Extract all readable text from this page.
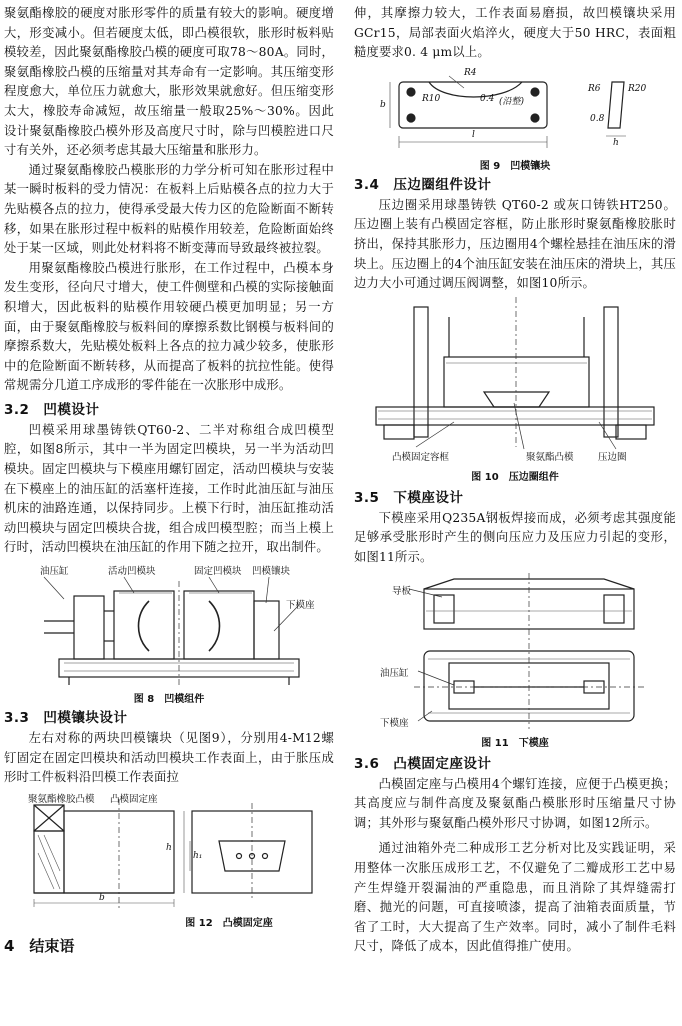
聚氨酯橡胶的硬度对胀形零件的质量有较大的影响。硬度增大，形变减小。但若硬度太低，即凸模很软，胀形时板料贴模较差，因此聚氨酯橡胶凸模的硬度可取78～80A。同时，聚氨酯橡胶凸模的压缩量对其寿命有一定影响。其压缩变形程度愈大，单位压力就愈大，胀形效果就愈好。但压缩变形太大，橡胶寿命减短，故压缩量一般取25%～30%。因此设计聚氨酯橡胶凸模外形及高度尺寸时，除与凹模腔进口尺寸有关外，还必须考虑其最大压缩量和胀形力。

通过聚氨酯橡胶凸模胀形的力学分析可知在胀形过程中某一瞬时板料的受力情况：在板料上后贴模各点的拉力大于先贴模各点的拉力，使得承受最大传力区的危险断面不断转移，如果在胀形过程中板料的贴模作用较差，危险断面始终处于某一区域，则此处材料将不断变薄而导致最终被拉裂。

用聚氨酯橡胶凸模进行胀形，在工作过程中，凸模本身发生变形，径向尺寸增大，使工件侧壁和凸模的实际接触面积增大，因此板料的贴模作用较硬凸模更加明显；另一方面，由于聚氨酯橡胶与板料间的摩擦系数比钢模与板料间的摩擦系数大，先贴模处板料上各点的拉力减少较多，使胀形中的危险断面不断转移，从而提高了板料的抗拉性能。使得常规需分几道工序成形的零件能在一次胀形中成形。

3.2　凹模设计

凹模采用球墨铸铁QT60-2、二半对称组合成凹模型腔，如图8所示，其中一半为固定凹模块，另一半为活动凹模块。固定凹模块与下模座用螺钉固定，活动凹模块与安装在下模座上的油压缸的活塞杆连接，工作时此油压缸与油压机床的油路连通，以保持同步。上模下行时，油压缸推动活动凹模块与固定凹模块合拢，组合成凹模型腔；而当上模上行时，活动凹模块在油压缸的作用下随之拉开，取出制件。

油压缸	活动凹模块	固定凹模块 凹模镶块
下模座
图 8　凹模组件
3.3　凹模镶块设计

左右对称的两块凹模镶块（见图9），分别用4-M12螺钉固定在固定凹模块和活动凹模块工作表面上，由于胀压成形时工件板料沿凹模工作表面拉

聚氨酯橡胶凸模 凸模固定座
h
h₁
b
图 12　凸模固定座
4　结束语

伸，其摩擦力较大，工作表面易磨损，故凹模镶块采用GCr15，局部表面火焰淬火，硬度大于50 HRC，表面粗糙度要求0. 4 μm以上。

R4
R10	0.4 (沿整)
b
l
R6	R20
0.8
h
图 9　凹模镶块
3.4　压边圈组件设计

压边圈采用球墨铸铁 QT60-2 或灰口铸铁HT250。压边圈上装有凸模固定容框，防止胀形时聚氨酯橡胶胀时挤出，保持其胀形力，压边圈用4个螺栓悬挂在油压床的滑块上。压边圈上的4个油压缸安装在油压床的滑块上，其压边力大小可通过调压阀调整，如图10所示。

凸模固定容框	聚氨酯凸模	压边圈
图 10　压边圈组件
3.5　下模座设计

下模座采用Q235A钢板焊接而成，必须考虑其强度能足够承受胀形时产生的侧向压应力及压应力引起的变形，如图11所示。

导板
油压缸
下模座
图 11　下模座
3.6　凸模固定座设计

凸模固定座与凸模用4个螺钉连接，应便于凸模更换；其高度应与制件高度及聚氨酯凸模胀形时压缩量尺寸协调；其外形与聚氨酯凸模外形尺寸协调，如图12所示。

通过油箱外壳二种成形工艺分析对比及实践证明，采用整体一次胀压成形工艺，不仅避免了二瓣成形工艺中易产生焊缝开裂漏油的严重隐患，而且消除了其焊缝需打磨、抛光的问题，可直接喷漆，提高了油箱表面质量，节省了工时，大大提高了生产效率。同时，减小了制件毛料尺寸，降低了成本，因此值得推广使用。
